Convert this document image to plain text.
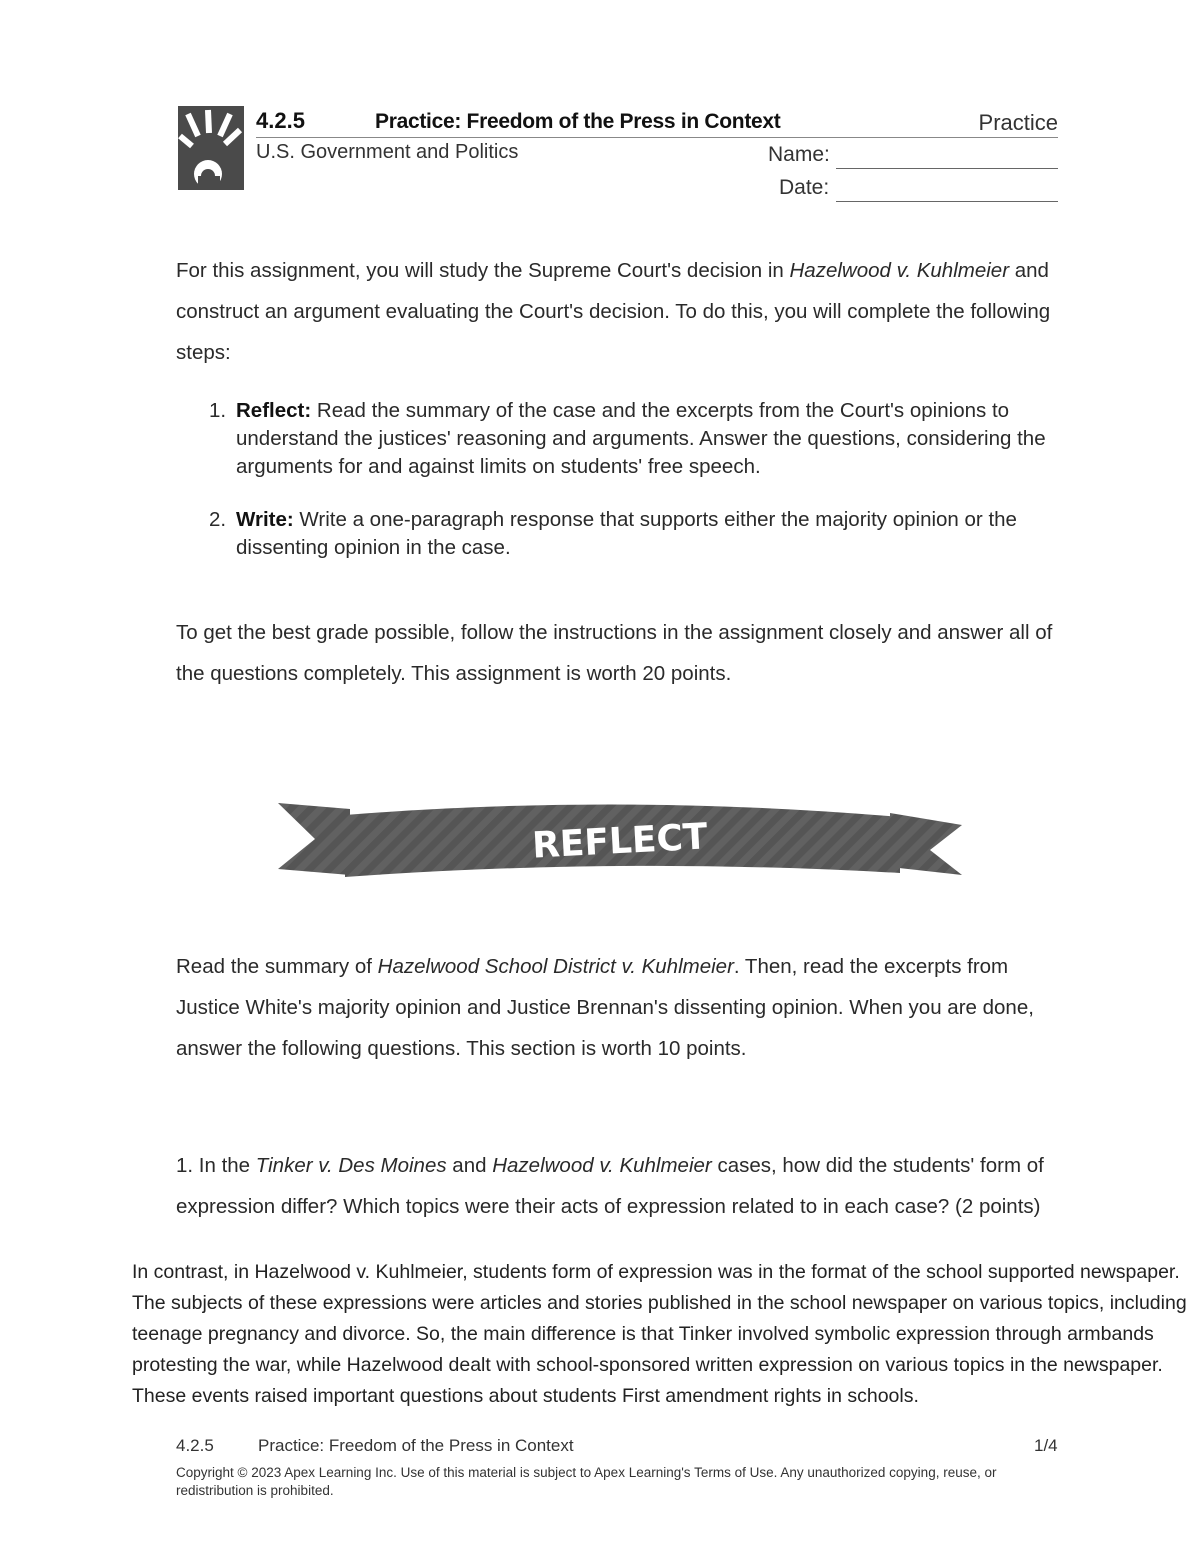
4.2.5	Practice: Freedom of the Press in Context	Practice
U.S. Government and Politics	Name:
Date:
For this assignment, you will study the Supreme Court's decision in Hazelwood v. Kuhlmeier and construct an argument evaluating the Court's decision. To do this, you will complete the following steps:
1. Reflect: Read the summary of the case and the excerpts from the Court's opinions to understand the justices' reasoning and arguments. Answer the questions, considering the arguments for and against limits on students' free speech.
2. Write: Write a one-paragraph response that supports either the majority opinion or the dissenting opinion in the case.
To get the best grade possible, follow the instructions in the assignment closely and answer all of the questions completely. This assignment is worth 20 points.
REFLECT
Read the summary of Hazelwood School District v. Kuhlmeier. Then, read the excerpts from Justice White's majority opinion and Justice Brennan's dissenting opinion. When you are done, answer the following questions. This section is worth 10 points.
1. In the Tinker v. Des Moines and Hazelwood v. Kuhlmeier cases, how did the students' form of expression differ? Which topics were their acts of expression related to in each case? (2 points)
In contrast, in Hazelwood v. Kuhlmeier, students form of expression was in the format of the school supported newspaper. The subjects of these expressions were articles and stories published in the school newspaper on various topics, including teenage pregnancy and divorce. So, the main difference is that Tinker involved symbolic expression through armbands protesting the war, while Hazelwood dealt with school-sponsored written expression on various topics in the newspaper. These events raised important questions about students First amendment rights in schools.
4.2.5	Practice: Freedom of the Press in Context	1/4
Copyright © 2023 Apex Learning Inc. Use of this material is subject to Apex Learning's Terms of Use. Any unauthorized copying, reuse, or redistribution is prohibited.
